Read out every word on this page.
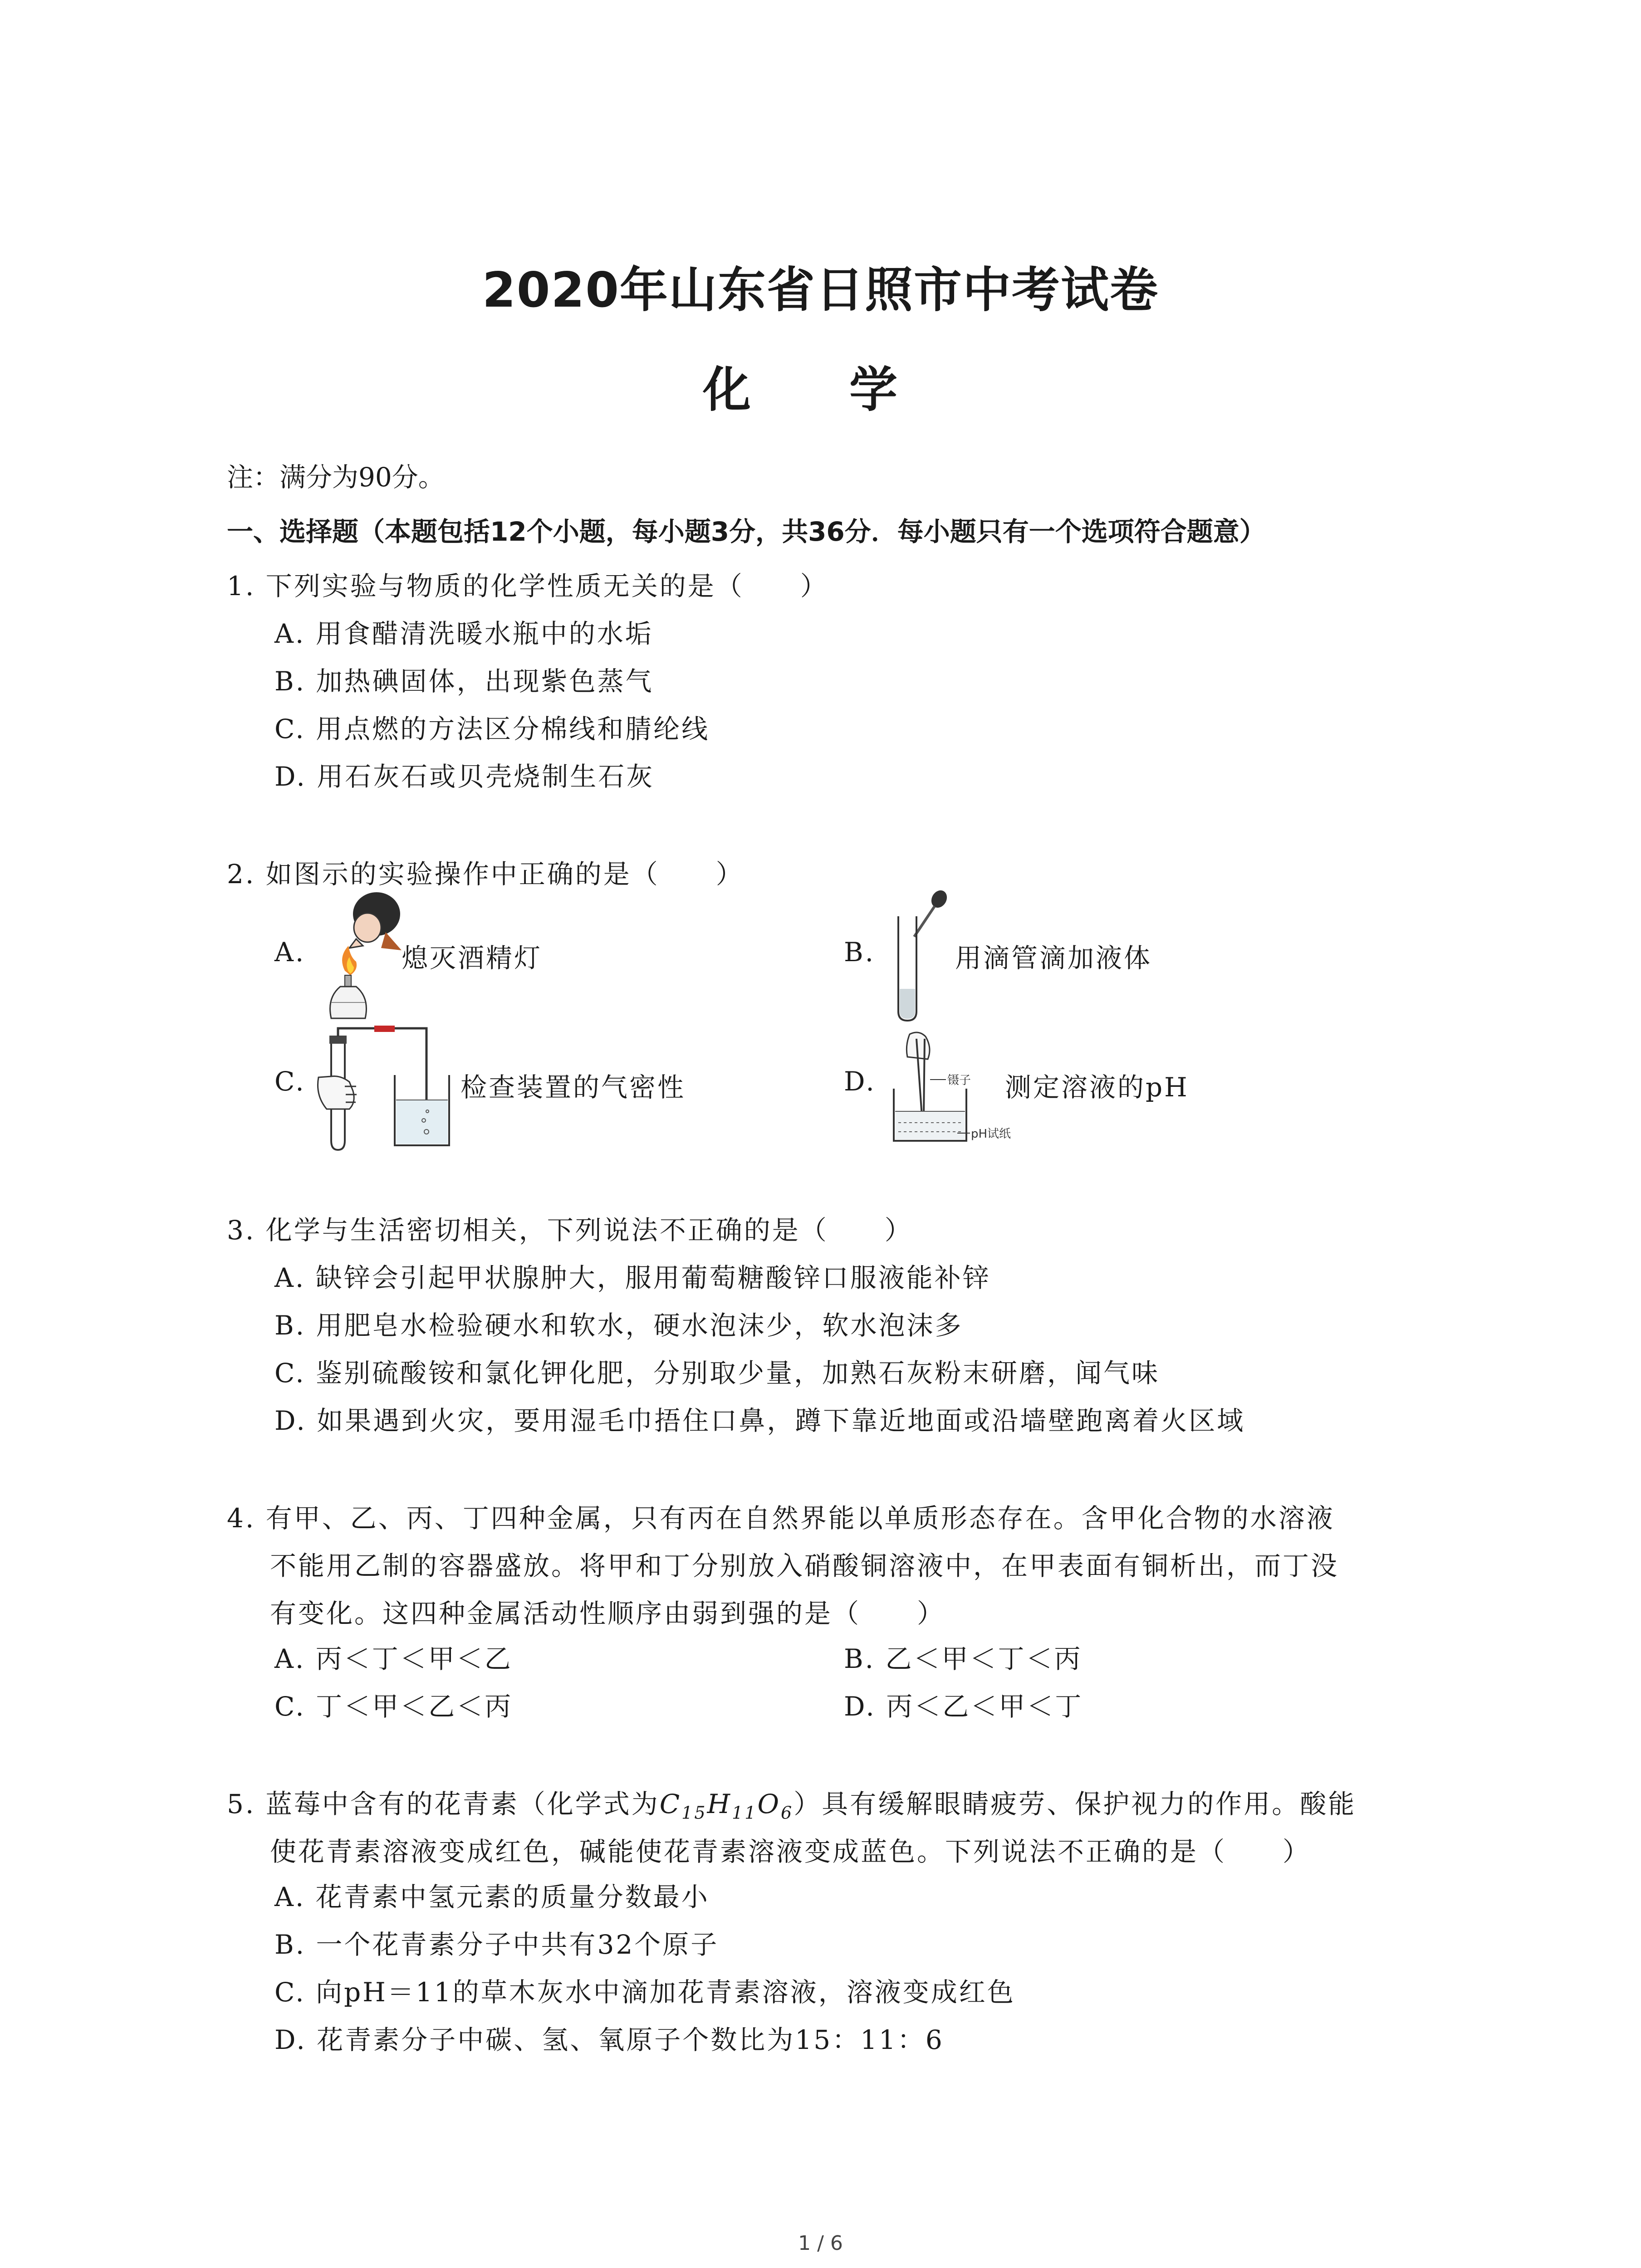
2020年山东省日照市中考试卷
化 学
注：满分为90分。
一、选择题（本题包括12个小题，每小题3分，共36分．每小题只有一个选项符合题意）
1. 下列实验与物质的化学性质无关的是（　　）
A. 用食醋清洗暖水瓶中的水垢
B. 加热碘固体，出现紫色蒸气
C. 用点燃的方法区分棉线和腈纶线
D. 用石灰石或贝壳烧制生石灰
2. 如图示的实验操作中正确的是（　　）
A.	熄灭酒精灯	B.	用滴管滴加液体
C.	检查装置的气密性	D.	镊子
pH试纸
测定溶液的pH
3. 化学与生活密切相关，下列说法不正确的是（　　）
A. 缺锌会引起甲状腺肿大，服用葡萄糖酸锌口服液能补锌
B. 用肥皂水检验硬水和软水，硬水泡沫少，软水泡沫多
C. 鉴别硫酸铵和氯化钾化肥，分别取少量，加熟石灰粉末研磨，闻气味
D. 如果遇到火灾，要用湿毛巾捂住口鼻，蹲下靠近地面或沿墙壁跑离着火区域
4. 有甲、乙、丙、丁四种金属，只有丙在自然界能以单质形态存在。含甲化合物的水溶液
不能用乙制的容器盛放。将甲和丁分别放入硝酸铜溶液中，在甲表面有铜析出，而丁没
有变化。这四种金属活动性顺序由弱到强的是（　　）
A. 丙＜丁＜甲＜乙	B. 乙＜甲＜丁＜丙
C. 丁＜甲＜乙＜丙	D. 丙＜乙＜甲＜丁
5. 蓝莓中含有的花青素（化学式为$C_{15}H_{11}O_6$）具有缓解眼睛疲劳、保护视力的作用。酸能
使花青素溶液变成红色，碱能使花青素溶液变成蓝色。下列说法不正确的是（　　）
A. 花青素中氢元素的质量分数最小
B. 一个花青素分子中共有32个原子
C. 向pH＝11的草木灰水中滴加花青素溶液，溶液变成红色
D. 花青素分子中碳、氢、氧原子个数比为15：11：6
1 / 6
